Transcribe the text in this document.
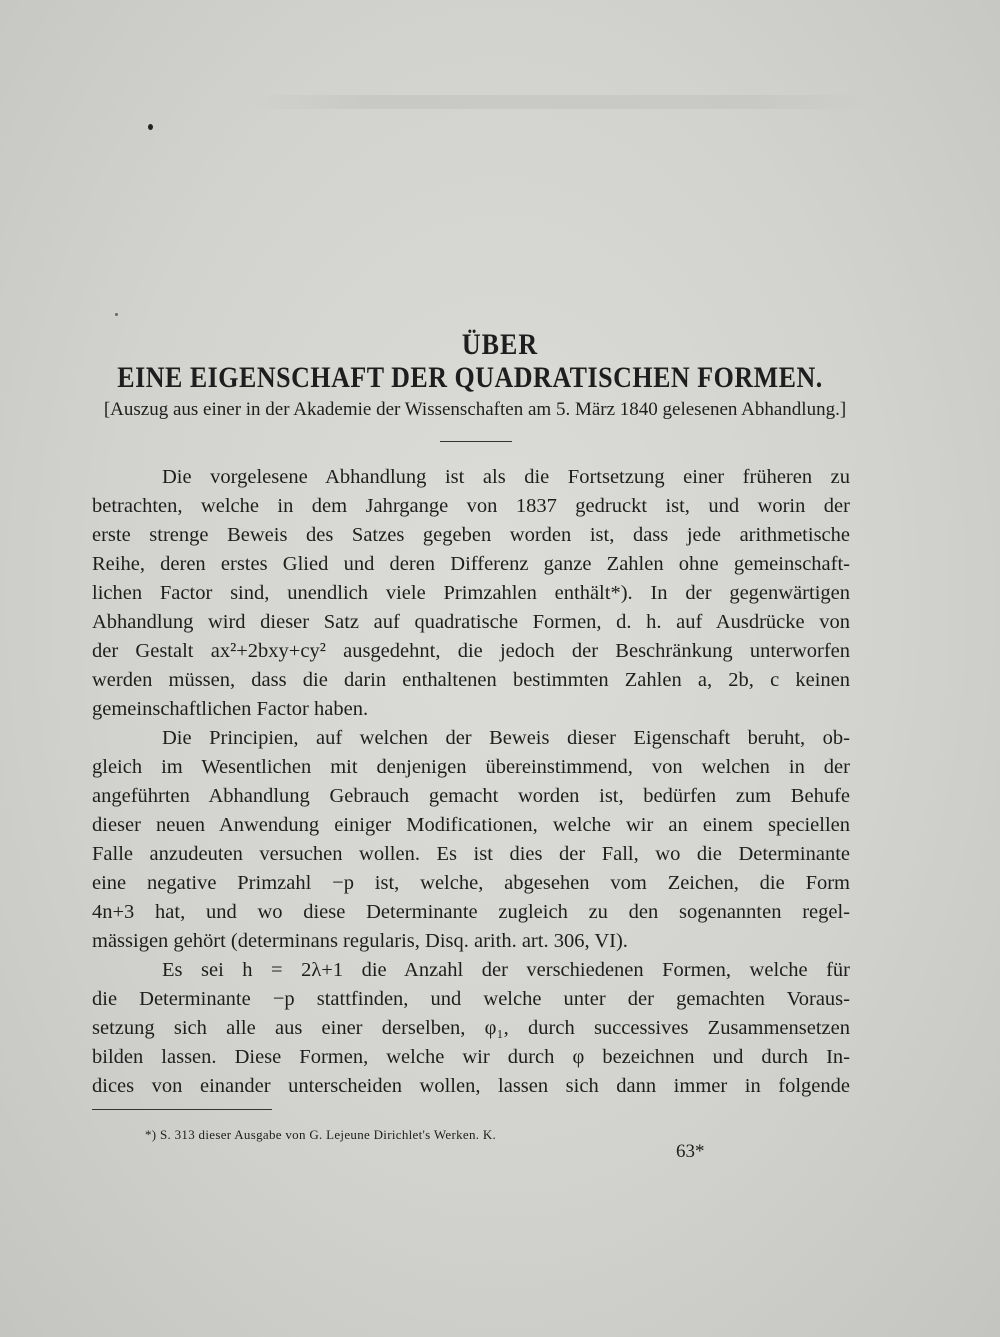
ÜBER
EINE EIGENSCHAFT DER QUADRATISCHEN FORMEN.
[Auszug aus einer in der Akademie der Wissenschaften am 5. März 1840 gelesenen Abhandlung.]
Die vorgelesene Abhandlung ist als die Fortsetzung einer früheren zu
betrachten, welche in dem Jahrgange von 1837 gedruckt ist, und worin der
erste strenge Beweis des Satzes gegeben worden ist, dass jede arithmetische
Reihe, deren erstes Glied und deren Differenz ganze Zahlen ohne gemeinschaft-
lichen Factor sind, unendlich viele Primzahlen enthält*). In der gegenwärtigen
Abhandlung wird dieser Satz auf quadratische Formen, d. h. auf Ausdrücke von
der Gestalt ax²+2bxy+cy² ausgedehnt, die jedoch der Beschränkung unterworfen
werden müssen, dass die darin enthaltenen bestimmten Zahlen a, 2b, c keinen
gemeinschaftlichen Factor haben.
Die Principien, auf welchen der Beweis dieser Eigenschaft beruht, ob-
gleich im Wesentlichen mit denjenigen übereinstimmend, von welchen in der
angeführten Abhandlung Gebrauch gemacht worden ist, bedürfen zum Behufe
dieser neuen Anwendung einiger Modificationen, welche wir an einem speciellen
Falle anzudeuten versuchen wollen. Es ist dies der Fall, wo die Determinante
eine negative Primzahl −p ist, welche, abgesehen vom Zeichen, die Form
4n+3 hat, und wo diese Determinante zugleich zu den sogenannten regel-
mässigen gehört (determinans regularis, Disq. arith. art. 306, VI).
Es sei h = 2λ+1 die Anzahl der verschiedenen Formen, welche für
die Determinante −p stattfinden, und welche unter der gemachten Voraus-
setzung sich alle aus einer derselben, φ₁, durch successives Zusammensetzen
bilden lassen. Diese Formen, welche wir durch φ bezeichnen und durch In-
dices von einander unterscheiden wollen, lassen sich dann immer in folgende
*) S. 313 dieser Ausgabe von G. Lejeune Dirichlet's Werken. K.
63*
